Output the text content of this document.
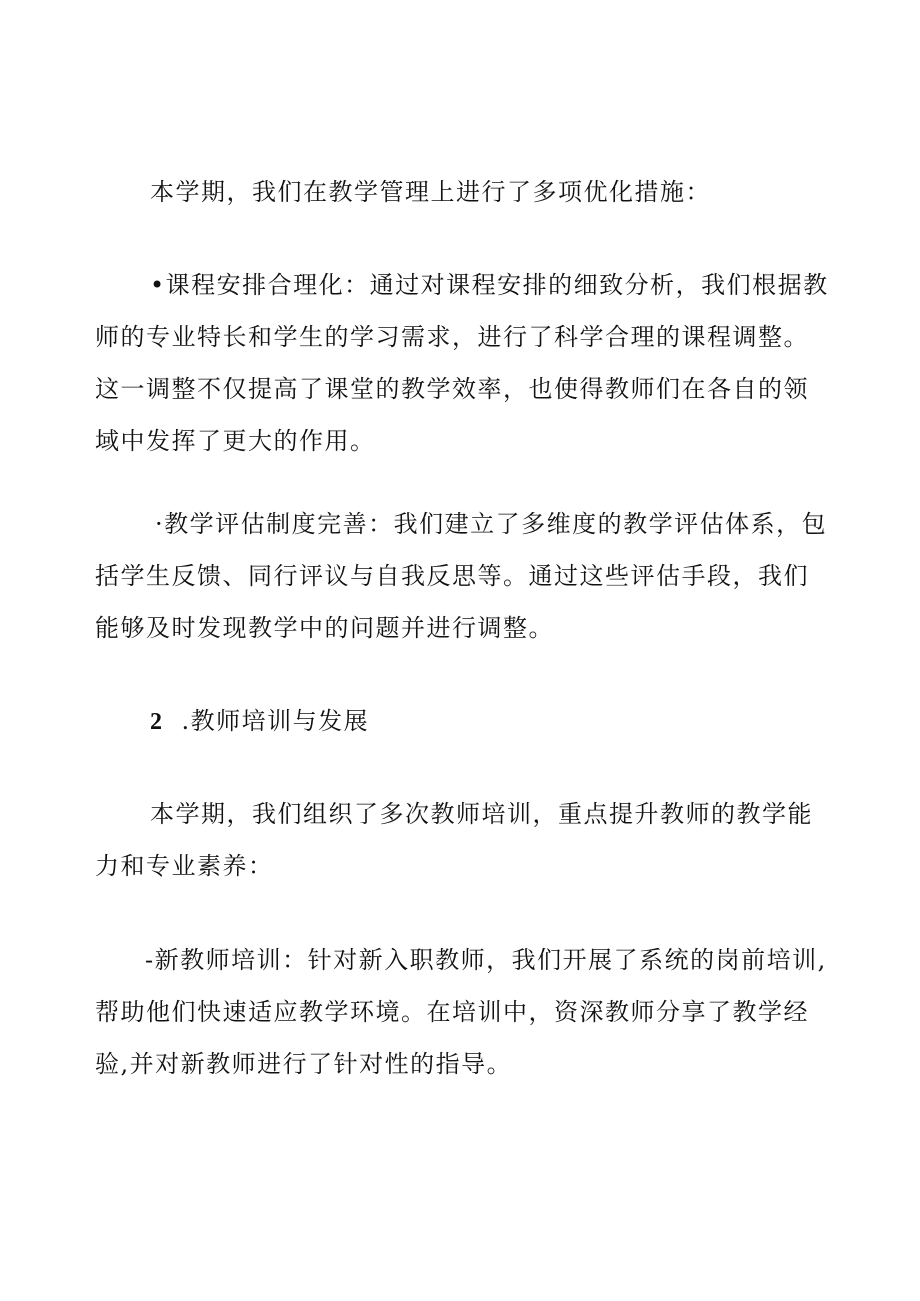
本学期，我们在教学管理上进行了多项优化措施：

•课程安排合理化：通过对课程安排的细致分析，我们根据教师的专业特长和学生的学习需求，进行了科学合理的课程调整。这一调整不仅提高了课堂的教学效率，也使得教师们在各自的领域中发挥了更大的作用。

·教学评估制度完善：我们建立了多维度的教学评估体系，包括学生反馈、同行评议与自我反思等。通过这些评估手段，我们能够及时发现教学中的问题并进行调整。

2 .教师培训与发展

本学期，我们组织了多次教师培训，重点提升教师的教学能力和专业素养：

-新教师培训：针对新入职教师，我们开展了系统的岗前培训,帮助他们快速适应教学环境。在培训中，资深教师分享了教学经验,并对新教师进行了针对性的指导。
